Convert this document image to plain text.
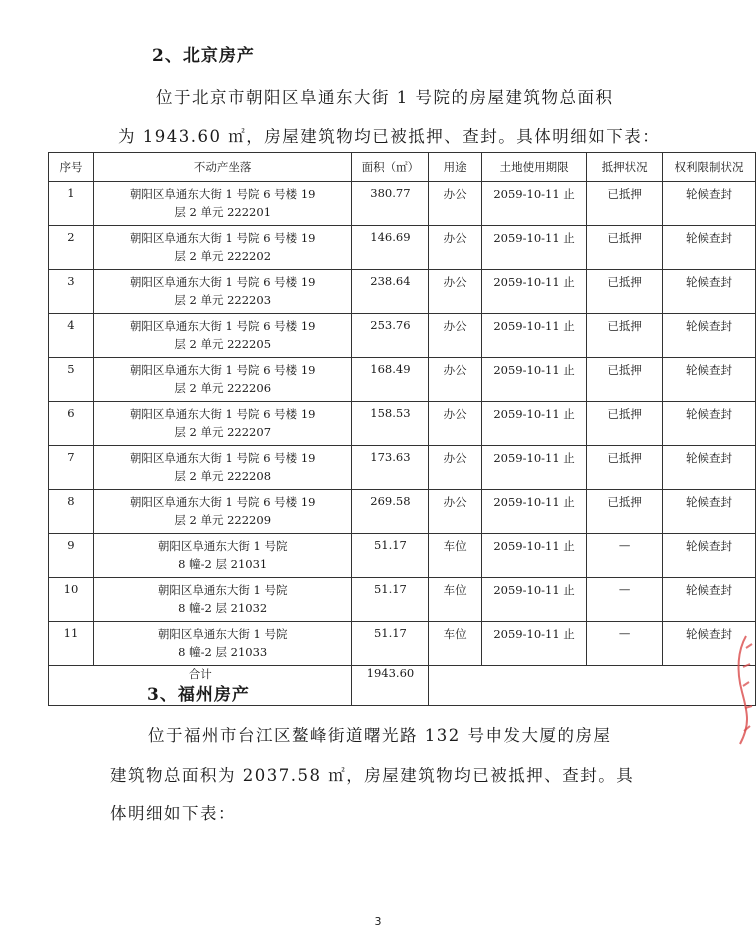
2、北京房产
位于北京市朝阳区阜通东大街 1 号院的房屋建筑物总面积
为 1943.60 ㎡，房屋建筑物均已被抵押、查封。具体明细如下表：
序号	不动产坐落	面积（㎡）	用途	土地使用期限	抵押状况	权利限制状况
1	朝阳区阜通东大街 1 号院 6 号楼 19
层 2 单元 222201	380.77	办公	2059-10-11 止	已抵押	轮候查封
2	朝阳区阜通东大街 1 号院 6 号楼 19
层 2 单元 222202	146.69	办公	2059-10-11 止	已抵押	轮候查封
3	朝阳区阜通东大街 1 号院 6 号楼 19
层 2 单元 222203	238.64	办公	2059-10-11 止	已抵押	轮候查封
4	朝阳区阜通东大街 1 号院 6 号楼 19
层 2 单元 222205	253.76	办公	2059-10-11 止	已抵押	轮候查封
5	朝阳区阜通东大街 1 号院 6 号楼 19
层 2 单元 222206	168.49	办公	2059-10-11 止	已抵押	轮候查封
6	朝阳区阜通东大街 1 号院 6 号楼 19
层 2 单元 222207	158.53	办公	2059-10-11 止	已抵押	轮候查封
7	朝阳区阜通东大街 1 号院 6 号楼 19
层 2 单元 222208	173.63	办公	2059-10-11 止	已抵押	轮候查封
8	朝阳区阜通东大街 1 号院 6 号楼 19
层 2 单元 222209	269.58	办公	2059-10-11 止	已抵押	轮候查封
9	朝阳区阜通东大街 1 号院
8 幢-2 层 21031	51.17	车位	2059-10-11 止	—	轮候查封
10	朝阳区阜通东大街 1 号院
8 幢-2 层 21032	51.17	车位	2059-10-11 止	—	轮候查封
11	朝阳区阜通东大街 1 号院
8 幢-2 层 21033	51.17	车位	2059-10-11 止	—	轮候查封
合计		1943.60				
3、福州房产
位于福州市台江区鳌峰街道曙光路 132 号申发大厦的房屋
建筑物总面积为 2037.58 ㎡，房屋建筑物均已被抵押、查封。具
体明细如下表：
3
